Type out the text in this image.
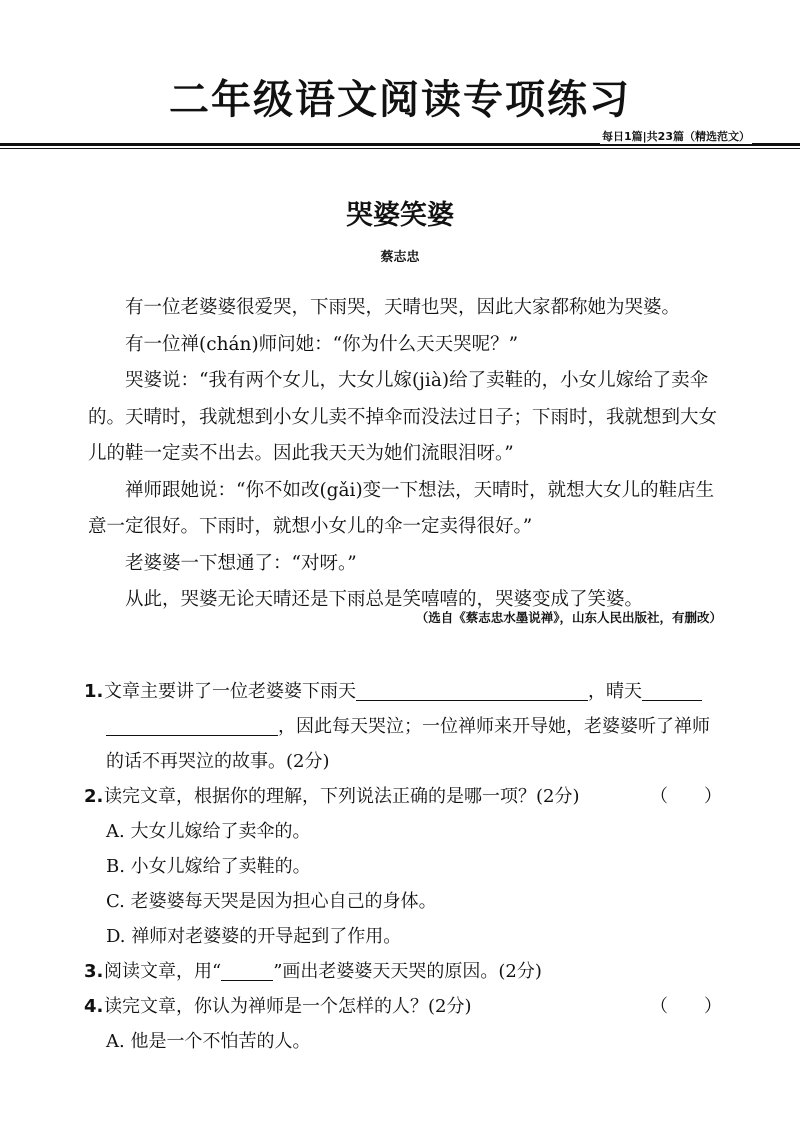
二年级语文阅读专项练习
每日1篇|共23篇（精选范文）
哭婆笑婆
蔡志忠

有一位老婆婆很爱哭，下雨哭，天晴也哭，因此大家都称她为哭婆。

有一位禅(chán)师问她：“你为什么天天哭呢？”

哭婆说：“我有两个女儿，大女儿嫁(jià)给了卖鞋的，小女儿嫁给了卖伞的。天晴时，我就想到小女儿卖不掉伞而没法过日子；下雨时，我就想到大女儿的鞋一定卖不出去。因此我天天为她们流眼泪呀。”

禅师跟她说：“你不如改(gǎi)变一下想法，天晴时，就想大女儿的鞋店生意一定很好。下雨时，就想小女儿的伞一定卖得很好。”

老婆婆一下想通了：“对呀。”

从此，哭婆无论天晴还是下雨总是笑嘻嘻的，哭婆变成了笑婆。

（选自《蔡志忠水墨说禅》，山东人民出版社，有删改）
1.文章主要讲了一位老婆婆下雨天	，晴天
，因此每天哭泣；一位禅师来开导她，老婆婆听了禅师
的话不再哭泣的故事。(2分)
2.读完文章，根据你的理解，下列说法正确的是哪一项？(2分)	（　　）

A. 大女儿嫁给了卖伞的。

B. 小女儿嫁给了卖鞋的。

C. 老婆婆每天哭是因为担心自己的身体。

D. 禅师对老婆婆的开导起到了作用。

3.阅读文章，用“	”画出老婆婆天天哭的原因。(2分)
4.读完文章，你认为禅师是一个怎样的人？(2分)	（　　）

A. 他是一个不怕苦的人。
